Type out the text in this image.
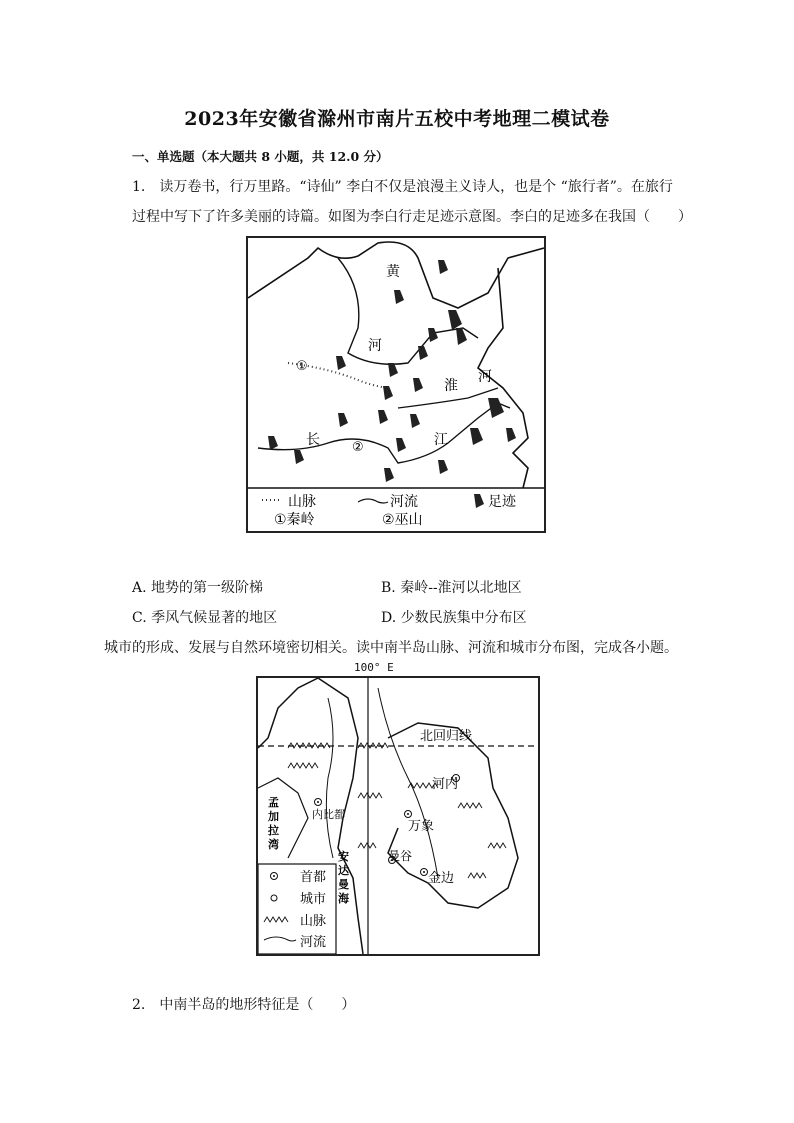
2023年安徽省滁州市南片五校中考地理二模试卷
一、单选题（本大题共 8 小题，共 12.0 分）
1.　读万卷书，行万里路。“诗仙” 李白不仅是浪漫主义诗人，也是个 “旅行者”。在旅行
过程中写下了许多美丽的诗篇。如图为李白行走足迹示意图。李白的足迹多在我国（　　）
黄
河
淮
河
长	江
①
②
山脉	河流	足迹
①秦岭	②巫山
A. 地势的第一级阶梯	B. 秦岭--淮河以北地区
C. 季风气候显著的地区	D. 少数民族集中分布区
城市的形成、发展与自然环境密切相关。读中南半岛山脉、河流和城市分布图，完成各小题。
100° E
北回归线
河内
万象
曼谷
金边
内比都
孟
加
拉
湾
安
达
曼
海
首都
城市
山脉
河流
2.　中南半岛的地形特征是（　　）
